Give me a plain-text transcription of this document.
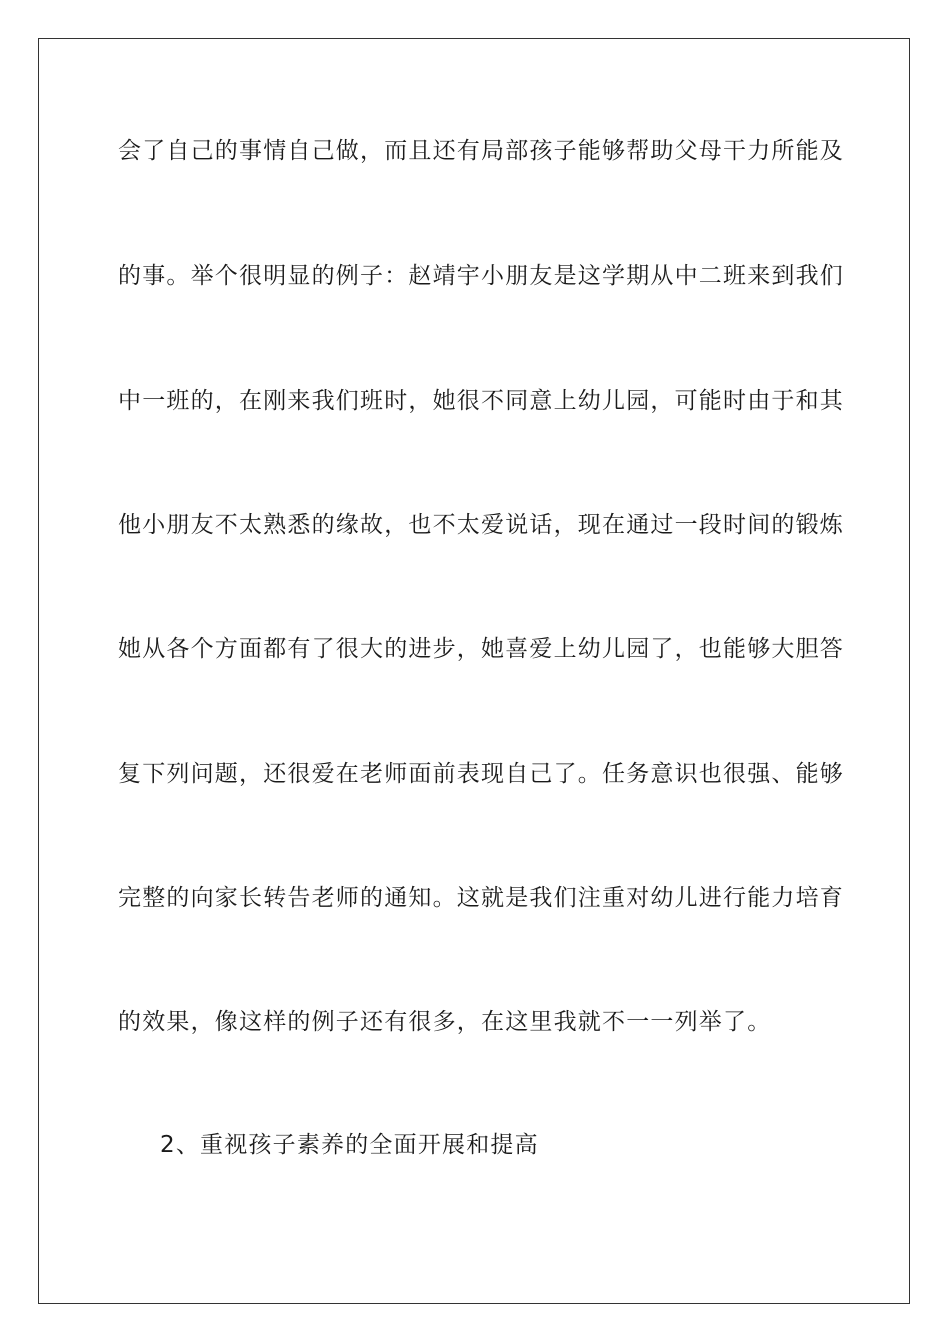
会了自己的事情自己做，而且还有局部孩子能够帮助父母干力所能及
的事。举个很明显的例子：赵靖宇小朋友是这学期从中二班来到我们
中一班的，在刚来我们班时，她很不同意上幼儿园，可能时由于和其
他小朋友不太熟悉的缘故，也不太爱说话，现在通过一段时间的锻炼
她从各个方面都有了很大的进步，她喜爱上幼儿园了，也能够大胆答
复下列问题，还很爱在老师面前表现自己了。任务意识也很强、能够
完整的向家长转告老师的通知。这就是我们注重对幼儿进行能力培育
的效果，像这样的例子还有很多，在这里我就不一一列举了。
2、重视孩子素养的全面开展和提高
